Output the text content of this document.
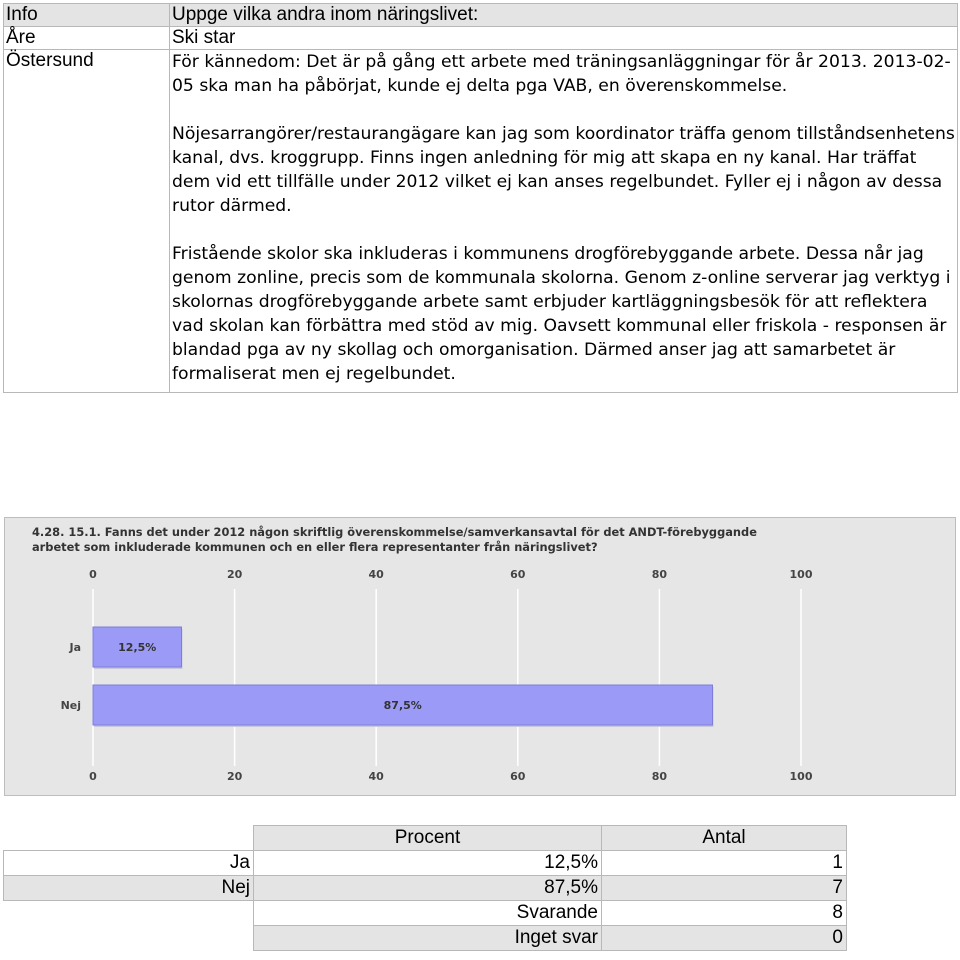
Info	Uppge vilka andra inom näringslivet:
Åre	Ski star
Östersund	För kännedom: Det är på gång ett arbete med träningsanläggningar för år 2013. 2013-02-05 ska man ha påbörjat, kunde ej delta pga VAB, en överenskommelse.

Nöjesarrangörer/restaurangägare kan jag som koordinator träffa genom tillståndsenhetens kanal, dvs. kroggrupp. Finns ingen anledning för mig att skapa en ny kanal. Har träffat dem vid ett tillfälle under 2012 vilket ej kan anses regelbundet. Fyller ej i någon av dessa rutor därmed.

Fristående skolor ska inkluderas i kommunens drogförebyggande arbete. Dessa når jag genom zonline, precis som de kommunala skolorna. Genom z-online serverar jag verktyg i skolornas drogförebyggande arbete samt erbjuder kartläggningsbesök för att reflektera vad skolan kan förbättra med stöd av mig. Oavsett kommunal eller friskola - responsen är blandad pga av ny skollag och omorganisation. Därmed anser jag att samarbetet är formaliserat men ej regelbundet.

4.28. 15.1. Fanns det under 2012 någon skriftlig överenskommelse/samverkansavtal för det ANDT-förebyggande arbetet som inkluderade kommunen och en eller flera representanter från näringslivet?
0
0
20
20
40
40
60
60
80
80
100
100
Ja	12,5%
Nej	87,5%
	Procent	Antal
Ja	12,5%	1
Nej	87,5%	7
	Svarande	8
	Inget svar	0
